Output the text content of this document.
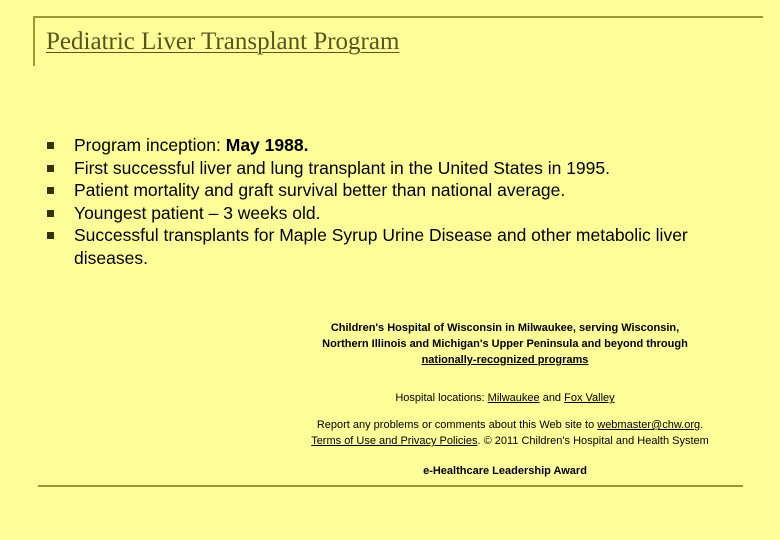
Pediatric Liver Transplant Program
Program inception: May 1988.
First successful liver and lung transplant in the United States in 1995.
Patient mortality and graft survival better than national average.
Youngest patient – 3 weeks old.
Successful transplants for Maple Syrup Urine Disease and other metabolic liver diseases.
Children's Hospital of Wisconsin in Milwaukee, serving Wisconsin, Northern Illinois and Michigan's Upper Peninsula and beyond through
nationally-recognized programs
Hospital locations: Milwaukee and Fox Valley
Report any problems or comments about this Web site to webmaster@chw.org.
Terms of Use and Privacy Policies. © 2011 Children's Hospital and Health System
e-Healthcare Leadership Award
